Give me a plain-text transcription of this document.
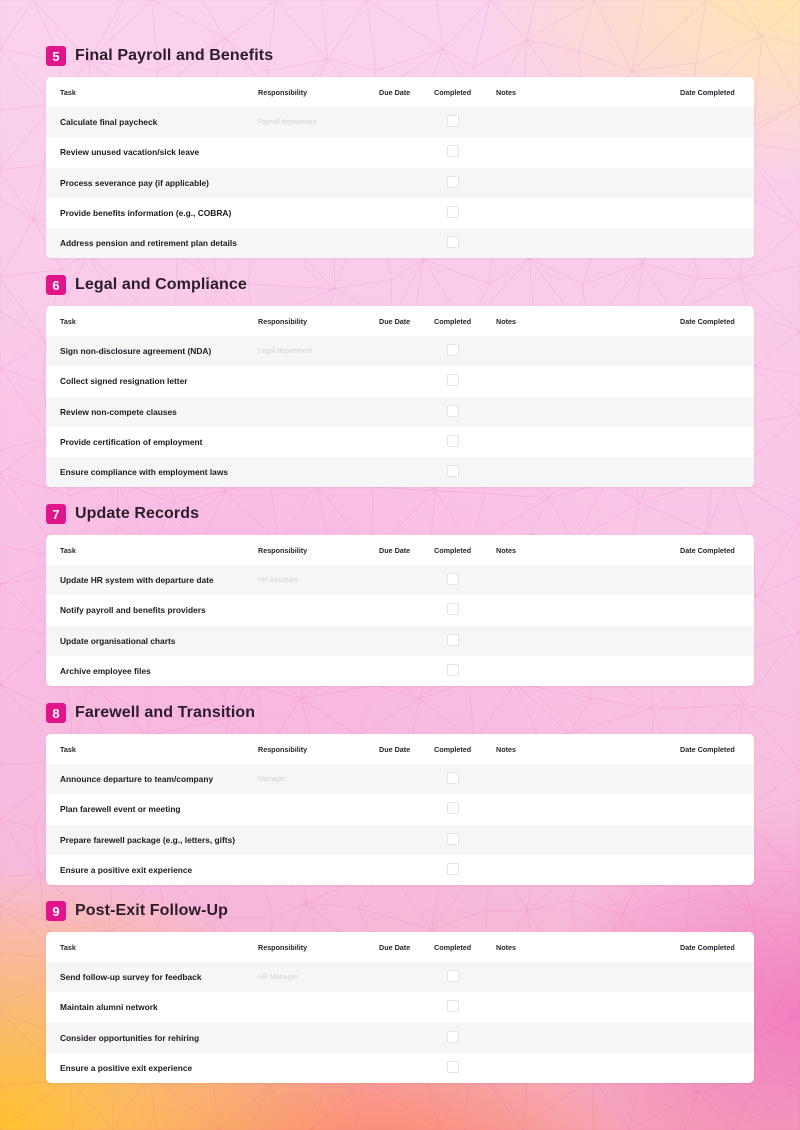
5 Final Payroll and Benefits
Task	Responsibility	Due Date	Completed	Notes	Date Completed
Calculate final paycheck	Payroll department
Review unused vacation/sick leave
Process severance pay (if applicable)
Provide benefits information (e.g., COBRA)
Address pension and retirement plan details
6 Legal and Compliance
Task	Responsibility	Due Date	Completed	Notes	Date Completed
Sign non-disclosure agreement (NDA)	Legal department
Collect signed resignation letter
Review non-compete clauses
Provide certification of employment
Ensure compliance with employment laws
7 Update Records
Task	Responsibility	Due Date	Completed	Notes	Date Completed
Update HR system with departure date	HR Assistant
Notify payroll and benefits providers
Update organisational charts
Archive employee files
8 Farewell and Transition
Task	Responsibility	Due Date	Completed	Notes	Date Completed
Announce departure to team/company	Manager
Plan farewell event or meeting
Prepare farewell package (e.g., letters, gifts)
Ensure a positive exit experience
9 Post-Exit Follow-Up
Task	Responsibility	Due Date	Completed	Notes	Date Completed
Send follow-up survey for feedback	HR Manager
Maintain alumni network
Consider opportunities for rehiring
Ensure a positive exit experience
